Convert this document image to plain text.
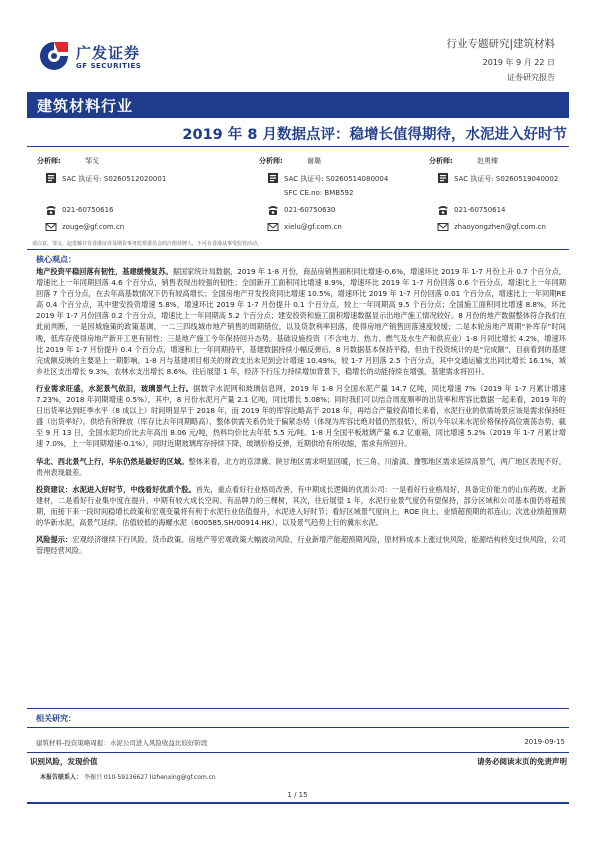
广发证券
GF SECURITIES
行业专题研究|建筑材料
2019 年 9 月 22 日
证券研究报告
建筑材料行业
2019 年 8 月数据点评：稳增长值得期待，水泥进入好时节
分析师:	邹戈
SAC 执证号: S0260512020001
021-60750616
zouge@gf.com.cn
分析师:	谢璐
SAC 执证号: S0260514080004
SFC CE.no: BMB592
021-60750630
xielu@gf.com.cn
分析师:	赵勇臻
SAC 执证号: S0260519040002
021-60750614
zhaoyongzhen@gf.com.cn
请注意，邹戈、赵勇臻并非香港证券及期货事务监察委员会的注册持牌人，不可在香港从事受监管活动。
核心观点：

地产投资平稳回落有韧性，基建缓慢复苏。据国家统计局数据，2019 年 1-8 月份，商品房销售面积同比增速-0.6%，增速环比 2019 年 1-7 月份上升 0.7 个百分点，增速比上一年同期回落 4.6 个百分点，销售表现出较强的韧性；全国新开工面积同比增速 8.9%，增速环比 2019 年 1-7 月份回落 0.6 个百分点，增速比上一年同期回落 7 个百分点，在去年高基数情况下仍有较高增长；全国房地产开发投资同比增速 10.5%，增速环比 2019 年 1-7 月份回落 0.01 个百分点，增速比上一年同期RE高 0.4 个百分点，其中建安投资增速 5.8%，增速环比 2019 年 1-7 月份提升 0.1 个百分点，较上一年同期高 9.5 个百分点；全国施工面积同比增速 8.8%，环比 2019 年 1-7 月份回落 0.2 个百分点，增速比上一年同期高 5.2 个百分点；建安投资和施工面积增速数据显示出地产施工情况较好。8 月份的地产数据整体符合我们在此前判断，一是因城施策的政策基调，一二三四线城市地产销售的周期错位，以及货款利率回落，使得房地产销售回落速度较缓；二是本轮房地产周期“补库存”时间晚，低库存使得房地产新开工更有韧性；三是地产施工今年保持回升态势。基础设施投资（不含电力、热力、燃气及水生产和供应业）1-8 月同比增长 4.2%，增速环比 2019 年 1-7 月份提升 0.4 个百分点，增速和上一年同期持平，基建数据持续小幅反弹后，8 月数据基本保持平稳，但由于投资统计的是“完成额”，目前看到的基建完成额反映的主要是上一期影响，1-8 月与基建项目相关的财政支出未见到会计增速 10.49%，较 1-7 月回落 2.5 个百分点，其中交通运输支出同比增长 16.1%，城乡社区支出增长 9.3%，农林水支出增长 8.6%。往后展望 1 年，经济下行压力持续增加背景下，稳增长的动能持续在增强，基建需求将回升。

行业需求旺盛，水泥景气依旧，玻璃景气上行。据数字水泥网和玻璃信息网，2019 年 1-8 月全国水泥产量 14.7 亿吨，同比增速 7%（2019 年 1-7 月累计增速 7.23%，2018 年同期增速 0.5%），其中，8 月份水泥月产量 2.1 亿吨，同比增长 5.08%；同时我们可以结合周度频率的出货率和库容比数据一起来看，2019 年的日出货率达到旺季水平（8 成以上）时间明显早于 2018 年，而 2019 年的库容比略高于 2018 年，再结合产量较高增长来看，水泥行业的供需场景应该是需求保持旺盛（出货率好），供给有所释放（库存比去年同期略高），整体供需关系仍处于偏紧态势（体现为库容比绝对值仍然很低），所以今年以来水泥价格保持高位震荡态势，截至 9 月 13 日，全国水泥均价比去年高出 8.06 元/吨，热料均价比去年低 5.5 元/吨。1-8 月全国平板玻璃产量 6.2 亿重箱，同比增速 5.2%（2019 年 1-7 月累计增速 7.0%，上一年同期增速-0.1%），同时近期玻璃库存持续下降，玻璃价格反弹，近期供给有所收缩，需求有所回升。

华北、西北景气上行，华东仍然是最好的区域。整体来看，北方的京津冀、陕甘地区需求明显回暖，长三角、川渝滇、豫鄂地区需求延续高景气，两广地区表现不好，贵州表现最差。

投资建议：水泥进入好时节，中线看好优质个股。首先，重点看好行业格局改善，有中期成长逻辑的优质公司：一是看好行业格局好，具备定价能力的山东药玻、北新建材，二是看好行业集中度在提升，中期有较大成长空间、有品牌力的三棵树，其次，往后展望 1 年，水泥行业景气度仍有望保持，部分区域和公司基本面仍将超预期，而接下来一段时间稳增长政策和宏观变量将有利于水泥行业估值提升，水泥进入好时节；看好区域景气度向上，ROE 向上，业绩超预期的祁连山；次选业绩超预期的华新水泥，高景气延续、估值较低的海螺水泥（600585.SH/00914.HK），以及景气趋势上行的冀东水泥。

风险提示：宏观经济继续下行风险，货币政策、房地产等宏观政策大幅波动风险，行业新增产能超预期风险，原材料成本上涨过快风险，能源结构转变过快风险，公司管理经营风险。

相关研究：
建筑材料-投资策略周报：水泥公司进入风险收益比较好阶段	2019-09-15
识别风险，发现价值	请务必阅读末页的免责声明
本报告联系人： 李振兴 010-59136627 lizhenxing@gf.com.cn
1 / 15
